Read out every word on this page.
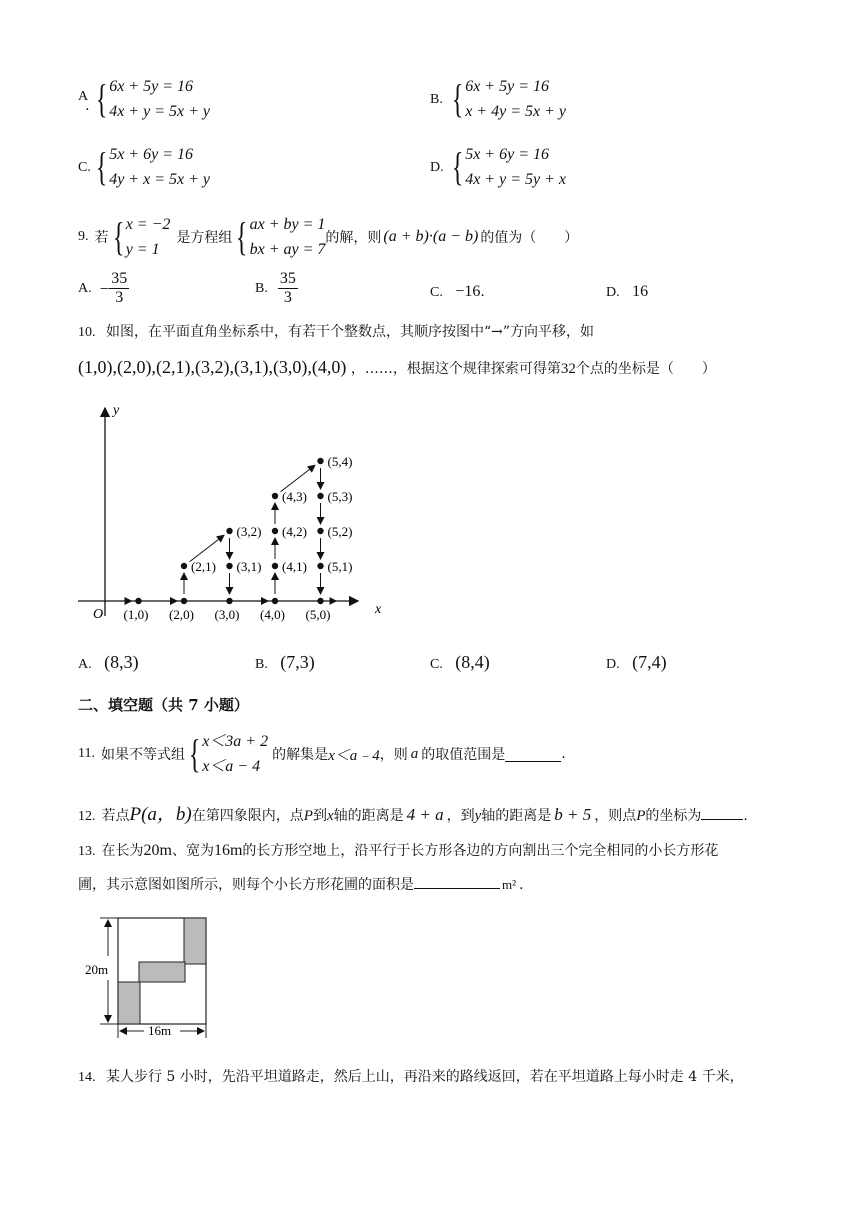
A. { 6x + 5y = 16
4x + y = 5x + y
B. { 6x + 5y = 16
x + 4y = 5x + y
C. { 5x + 6y = 16
4y + x = 5x + y
D. { 5x + 6y = 16
4x + y = 5y + x
9. 若 { x = −2
y = 1
是方程组 { ax + by = 1
bx + ay = 7
的解，则 (a + b)·(a − b) 的值为（　　）
A. − $\frac{35}{3}$	B. $\frac{35}{3}$	C. −16.	D. 16
10. 如图，在平面直角坐标系中，有若干个整数点，其顺序按图中“→”方向平移，如
(1,0),(2,0),(2,1),(3,2),(3,1),(3,0),(4,0) ，……，根据这个规律探索可得第32个点的坐标是（　　）
x
y
O (1,0) (2,0) (3,0) (4,0) (5,0)
(2,1) (3,1)
(3,2)
(4,1)
(4,2)
(4,3)
(5,1)
(5,2)
(5,3)
(5,4)
A. (8,3)	B. (7,3)	C. (8,4)	D. (7,4)
二、填空题（共 7 小题）
11. 如果不等式组 { x＜3a + 2
x＜a − 4
的解集是 x＜a﹣4 ，则 a 的取值范围是	.
12. 若点 P(a，b) 在第四象限内，点 P 到 x 轴的距离是 4 + a ，到 y 轴的距离是 b + 5 ，则点 P 的坐标为	.
13. 在长为 20m 、宽为 16m 的长方形空地上，沿平行于长方形各边的方向割出三个完全相同的小长方形花
圃，其示意图如图所示，则每个小长方形花圃的面积是	m² .
20m
16m
14. 某人步行 5 小时，先沿平坦道路走，然后上山，再沿来的路线返回，若在平坦道路上每小时走 4 千米，
